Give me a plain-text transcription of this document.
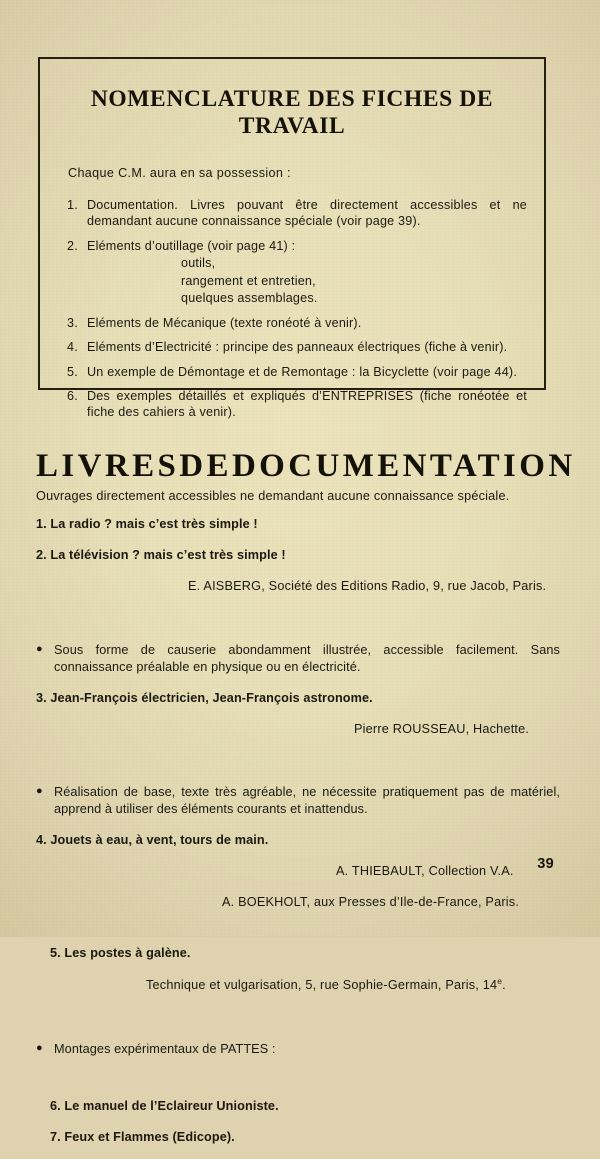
NOMENCLATURE DES FICHES DE TRAVAIL

Chaque C.M. aura en sa possession :

1. Documentation. Livres pouvant être directement accessibles et ne demandant aucune connaissance spéciale (voir page 39).
2. Eléments d’outillage (voir page 41) :
outils,
rangement et entretien,
quelques assemblages.
3. Eléments de Mécanique (texte ronéoté à venir).
4. Eléments d’Electricité : principe des panneaux électriques (fiche à venir).
5. Un exemple de Démontage et de Remontage : la Bicyclette (voir page 44).
6. Des exemples détaillés et expliqués d’ENTREPRISES (fiche ronéotée et fiche des cahiers à venir).
LIVRES DE DOCUMENTATION

Ouvrages directement accessibles ne demandant aucune connaissance spéciale.

1. La radio ? mais c’est très simple !

2. La télévision ? mais c’est très simple !

E. AISBERG, Société des Editions Radio, 9, rue Jacob, Paris.

● Sous forme de causerie abondamment illustrée, accessible facilement. Sans connaissance préalable en physique ou en électricité.

3. Jean-François électricien, Jean-François astronome.

Pierre ROUSSEAU, Hachette.

● Réalisation de base, texte très agréable, ne nécessite pratiquement pas de matériel, apprend à utiliser des éléments courants et inattendus.

4. Jouets à eau, à vent, tours de main.

A. THIEBAULT, Collection V.A.

A. BOEKHOLT, aux Presses d’Ile-de-France, Paris.

5. Les postes à galène.

Technique et vulgarisation, 5, rue Sophie-Germain, Paris, 14e.

● Montages expérimentaux de PATTES :

6. Le manuel de l’Eclaireur Unioniste.

7. Feux et Flammes (Edicope).

39
